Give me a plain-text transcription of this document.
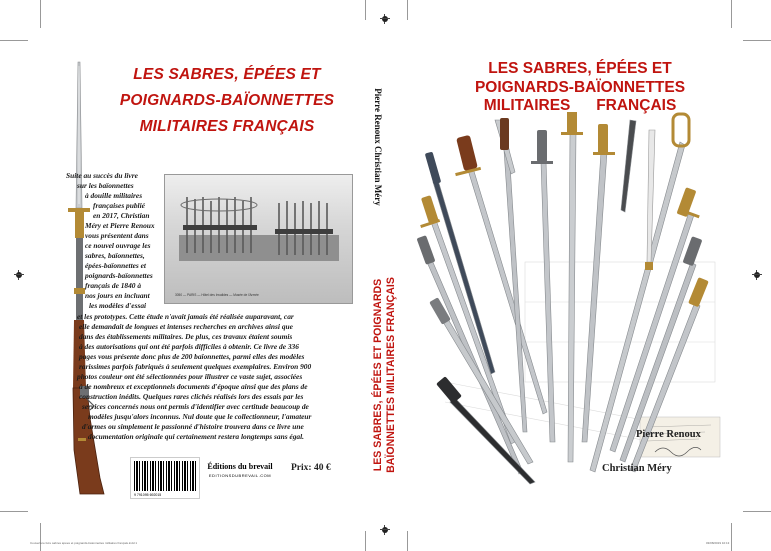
Couverture livre sabres épées et poignards-baïonnettes militaires français.indd 1	03/08/2019 10:13
LES SABRES, ÉPÉES ET
POIGNARDS-BAÏONNETTES
MILITAIRES FRANÇAIS
3050 — PARIS — Hôtel des Invalides — Musée de l'Armée
Suite au succès du livre
sur les baïonnettes
à douille militaires
françaises publié
en 2017, Christian
Méry et Pierre Renoux
vous présentent dans
ce nouvel ouvrage les
sabres, baïonnettes,
épées-baïonnettes et
poignards-baïonnettes
français de 1840 à
nos jours en incluant
les modèles d'essai
et les prototypes. Cette étude n'avait jamais été réalisée auparavant, car
elle demandait de longues et intenses recherches en archives ainsi que
dans des établissements militaires. De plus, ces travaux étaient soumis
à des autorisations qui ont été parfois difficiles à obtenir. Ce livre de 336
pages vous présente donc plus de 200 baïonnettes, parmi elles des modèles
rarissimes parfois fabriqués à seulement quelques exemplaires. Environ 900
photos couleur ont été sélectionnées pour illustrer ce vaste sujet, associées
à de nombreux et exceptionnels documents d'époque ainsi que des plans de
construction inédits. Quelques rares clichés réalisés lors des essais par les
services concernés nous ont permis d'identifier avec certitude beaucoup de
modèles jusqu'alors inconnus. Nul doute que le collectionneur, l'amateur
d'armes ou simplement le passionné d'histoire trouvera dans ce livre une
documentation originale qui certainement restera longtemps sans égal.
9 791095 692015
Éditions du brevail
EDITIONSDUBREVAIL.COM
Prix: 40 €
Pierre Renoux Christian Méry
LES SABRES, ÉPÉES ET POIGNARDS BAÏONNETTES MILITAIRES FRANÇAIS
LES SABRES, ÉPÉES ET
POIGNARDS-BAÏONNETTES
MILITAIRES      FRANÇAIS
Pierre Renoux
Christian Méry
